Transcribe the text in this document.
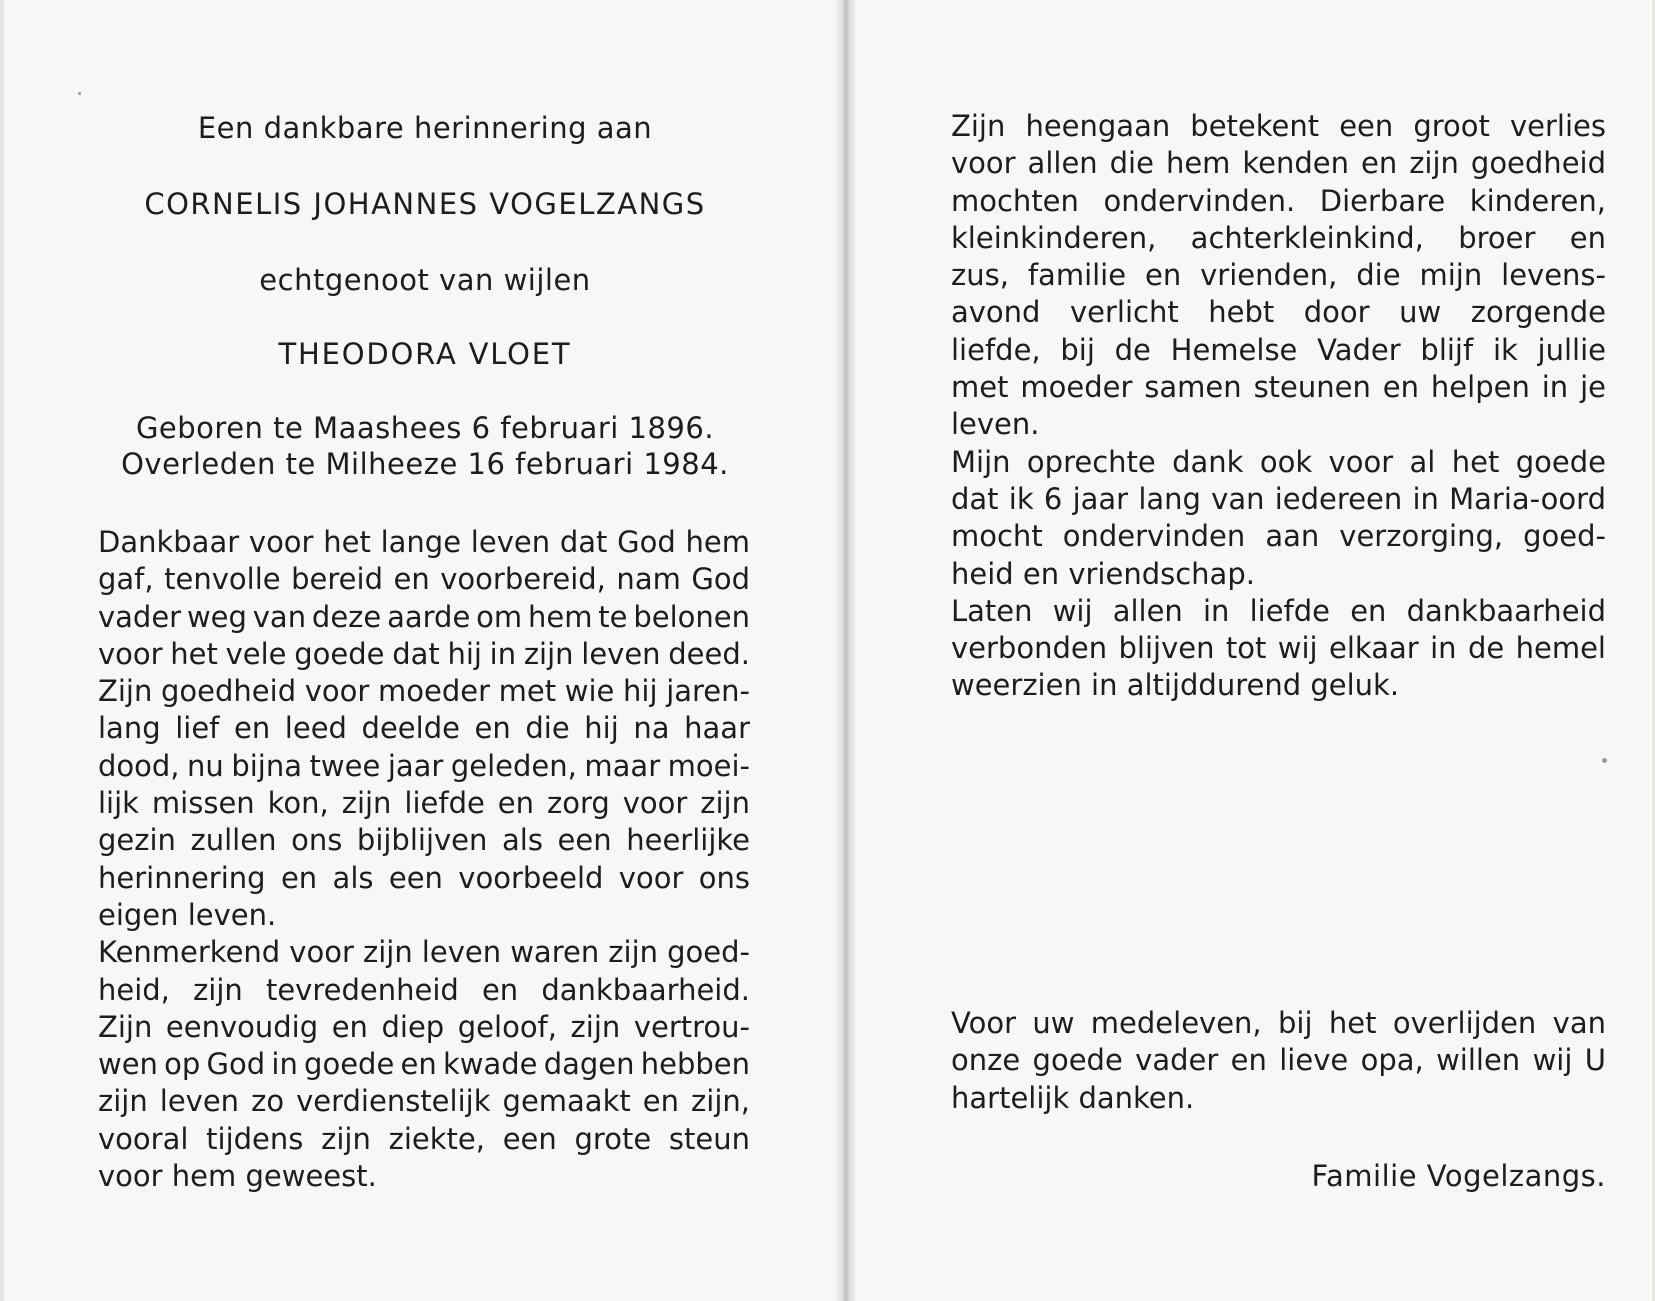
Een dankbare herinnering aan
CORNELIS JOHANNES VOGELZANGS
echtgenoot van wijlen
THEODORA VLOET
Geboren te Maashees 6 februari 1896.
Overleden te Milheeze 16 februari 1984.
Dankbaar voor het lange leven dat God hem
gaf, tenvolle bereid en voorbereid, nam God
vader weg van deze aarde om hem te belonen
voor het vele goede dat hij in zijn leven deed.
Zijn goedheid voor moeder met wie hij jaren-
lang lief en leed deelde en die hij na haar
dood, nu bijna twee jaar geleden, maar moei-
lijk missen kon, zijn liefde en zorg voor zijn
gezin zullen ons bijblijven als een heerlijke
herinnering en als een voorbeeld voor ons
eigen leven.
Kenmerkend voor zijn leven waren zijn goed-
heid, zijn tevredenheid en dankbaarheid.
Zijn eenvoudig en diep geloof, zijn vertrou-
wen op God in goede en kwade dagen hebben
zijn leven zo verdienstelijk gemaakt en zijn,
vooral tijdens zijn ziekte, een grote steun
voor hem geweest.
Zijn heengaan betekent een groot verlies
voor allen die hem kenden en zijn goedheid
mochten ondervinden. Dierbare kinderen,
kleinkinderen, achterkleinkind, broer en
zus, familie en vrienden, die mijn levens-
avond verlicht hebt door uw zorgende
liefde, bij de Hemelse Vader blijf ik jullie
met moeder samen steunen en helpen in je
leven.
Mijn oprechte dank ook voor al het goede
dat ik 6 jaar lang van iedereen in Maria-oord
mocht ondervinden aan verzorging, goed-
heid en vriendschap.
Laten wij allen in liefde en dankbaarheid
verbonden blijven tot wij elkaar in de hemel
weerzien in altijddurend geluk.
Voor uw medeleven, bij het overlijden van
onze goede vader en lieve opa, willen wij U
hartelijk danken.
Familie Vogelzangs.
